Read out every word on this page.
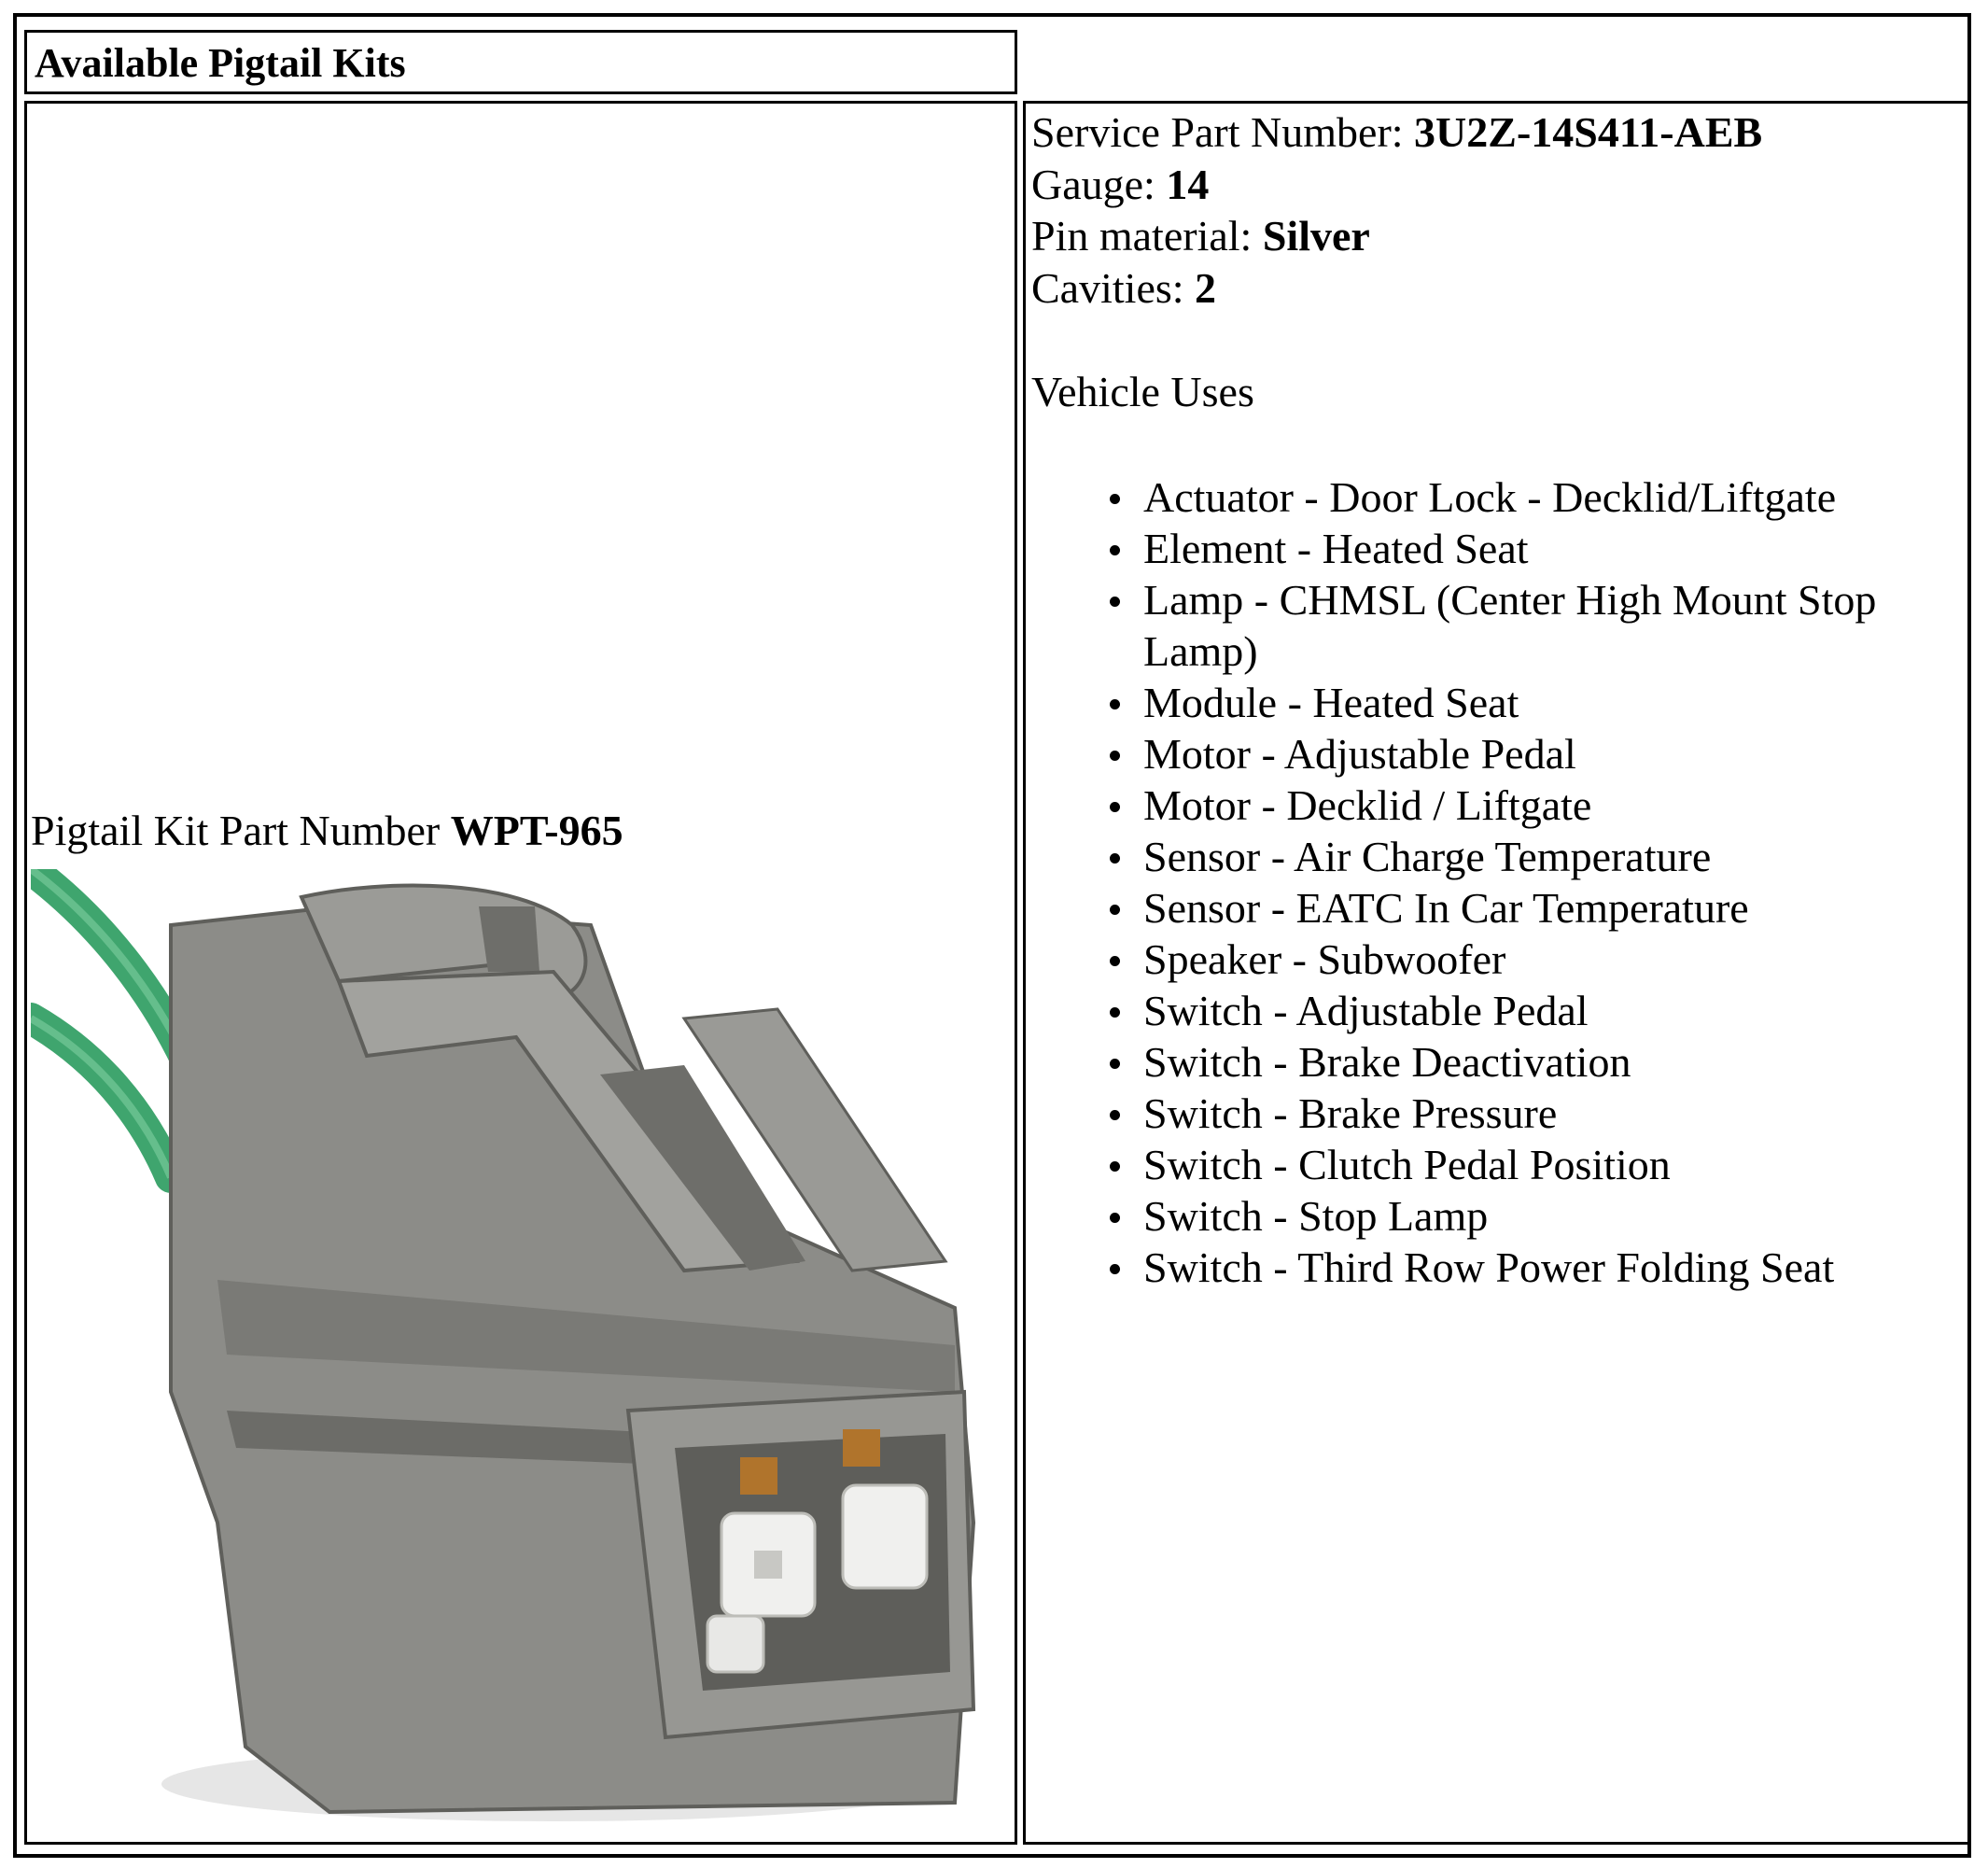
Available Pigtail Kits
Pigtail Kit Part Number WPT-965

Service Part Number: 3U2Z-14S411-AEB
Gauge: 14
Pin material: Silver
Cavities: 2
Vehicle Uses
Actuator - Door Lock - Decklid/Liftgate
Element - Heated Seat
Lamp - CHMSL (Center High Mount Stop Lamp)
Module - Heated Seat
Motor - Adjustable Pedal
Motor - Decklid / Liftgate
Sensor - Air Charge Temperature
Sensor - EATC In Car Temperature
Speaker - Subwoofer
Switch - Adjustable Pedal
Switch - Brake Deactivation
Switch - Brake Pressure
Switch - Clutch Pedal Position
Switch - Stop Lamp
Switch - Third Row Power Folding Seat
